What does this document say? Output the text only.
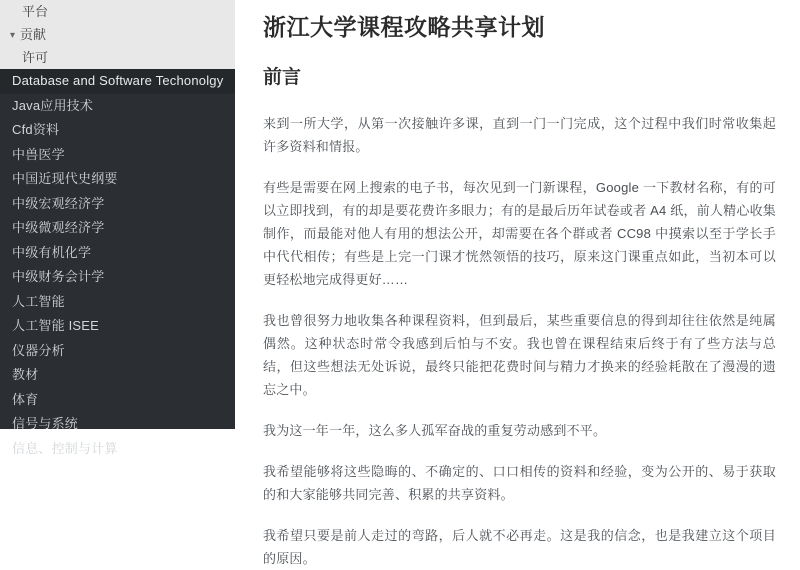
平台
▾ 贡献
许可
Database and Software Techonolgy
Java应用技术
Cfd资料
中兽医学
中国近现代史纲要
中级宏观经济学
中级微观经济学
中级有机化学
中级财务会计学
人工智能
人工智能 ISEE
仪器分析
教材
体育
信号与系统
信息、控制与计算
浙江大学课程攻略共享计划
前言

来到一所大学，从第一次接触许多课，直到一门一门完成，这个过程中我们时常收集起许多资料和情报。

有些是需要在网上搜索的电子书，每次见到一门新课程，Google 一下教材名称，有的可以立即找到，有的却是要花费许多眼力；有的是最后历年试卷或者 A4 纸，前人精心收集制作，而最能对他人有用的想法公开，却需要在各个群或者 CC98 中摸索以至于学长手中代代相传；有些是上完一门课才恍然领悟的技巧，原来这门课重点如此，当初本可以更轻松地完成得更好……

我也曾很努力地收集各种课程资料，但到最后，某些重要信息的得到却往往依然是纯属偶然。这种状态时常令我感到后怕与不安。我也曾在课程结束后终于有了些方法与总结，但这些想法无处诉说，最终只能把花费时间与精力才换来的经验耗散在了漫漫的遗忘之中。

我为这一年一年，这么多人孤军奋战的重复劳动感到不平。

我希望能够将这些隐晦的、不确定的、口口相传的资料和经验，变为公开的、易于获取的和大家能够共同完善、积累的共享资料。

我希望只要是前人走过的弯路，后人就不必再走。这是我的信念，也是我建立这个项目的原因。
